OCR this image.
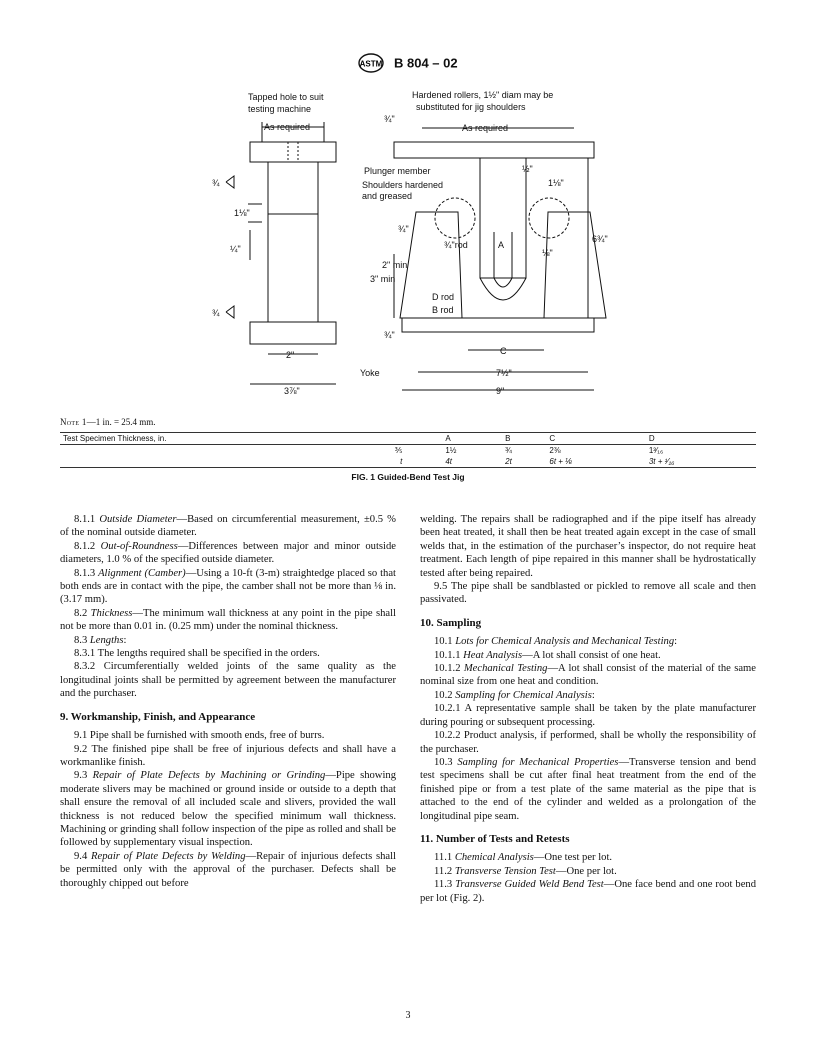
ASTM B 804 – 02
Tapped hole to suit
testing machine
As required
¾
1⅛"
¼"
¾
2"
3⅞"
Hardened rollers, 1½" diam may be
substituted for jig shoulders
As required
¾"
Plunger member
Shoulders hardened
and greased
½"
1⅛"
6¾"
¾"
¾"rod	A
⅛"
3" min
2" min
D rod
B rod
¾"
C
Yoke	7½"
9"
Note 1—1 in. = 25.4 mm.
Test Specimen Thickness, in.	A	B	C	D
⅗	1½	¾	2⅜	1³⁄₁₆
t	4t	2t	6t + ⅛	3t + ¹⁄₁₆
FIG. 1 Guided-Bend Test Jig

8.1.1 Outside Diameter—Based on circumferential measurement, ±0.5 % of the nominal outside diameter.

8.1.2 Out-of-Roundness—Differences between major and minor outside diameters, 1.0 % of the specified outside diameter.

8.1.3 Alignment (Camber)—Using a 10-ft (3-m) straightedge placed so that both ends are in contact with the pipe, the camber shall not be more than ⅛ in. (3.17 mm).

8.2 Thickness—The minimum wall thickness at any point in the pipe shall not be more than 0.01 in. (0.25 mm) under the nominal thickness.

8.3 Lengths:

8.3.1 The lengths required shall be specified in the orders.

8.3.2 Circumferentially welded joints of the same quality as the longitudinal joints shall be permitted by agreement between the manufacturer and the purchaser.

9. Workmanship, Finish, and Appearance

9.1 Pipe shall be furnished with smooth ends, free of burrs.

9.2 The finished pipe shall be free of injurious defects and shall have a workmanlike finish.

9.3 Repair of Plate Defects by Machining or Grinding—Pipe showing moderate slivers may be machined or ground inside or outside to a depth that shall ensure the removal of all included scale and slivers, provided the wall thickness is not reduced below the specified minimum wall thickness. Machining or grinding shall follow inspection of the pipe as rolled and shall be followed by supplementary visual inspection.

9.4 Repair of Plate Defects by Welding—Repair of injurious defects shall be permitted only with the approval of the purchaser. Defects shall be thoroughly chipped out before

welding. The repairs shall be radiographed and if the pipe itself has already been heat treated, it shall then be heat treated again except in the case of small welds that, in the estimation of the purchaser’s inspector, do not require heat treatment. Each length of pipe repaired in this manner shall be hydrostatically tested after being repaired.

9.5 The pipe shall be sandblasted or pickled to remove all scale and then passivated.

10. Sampling

10.1 Lots for Chemical Analysis and Mechanical Testing:

10.1.1 Heat Analysis—A lot shall consist of one heat.

10.1.2 Mechanical Testing—A lot shall consist of the material of the same nominal size from one heat and condition.

10.2 Sampling for Chemical Analysis:

10.2.1 A representative sample shall be taken by the plate manufacturer during pouring or subsequent processing.

10.2.2 Product analysis, if performed, shall be wholly the responsibility of the purchaser.

10.3 Sampling for Mechanical Properties—Transverse tension and bend test specimens shall be cut after final heat treatment from the end of the finished pipe or from a test plate of the same material as the pipe that is attached to the end of the cylinder and welded as a prolongation of the longitudinal pipe seam.

11. Number of Tests and Retests

11.1 Chemical Analysis—One test per lot.

11.2 Transverse Tension Test—One per lot.

11.3 Transverse Guided Weld Bend Test—One face bend and one root bend per lot (Fig. 2).

3
